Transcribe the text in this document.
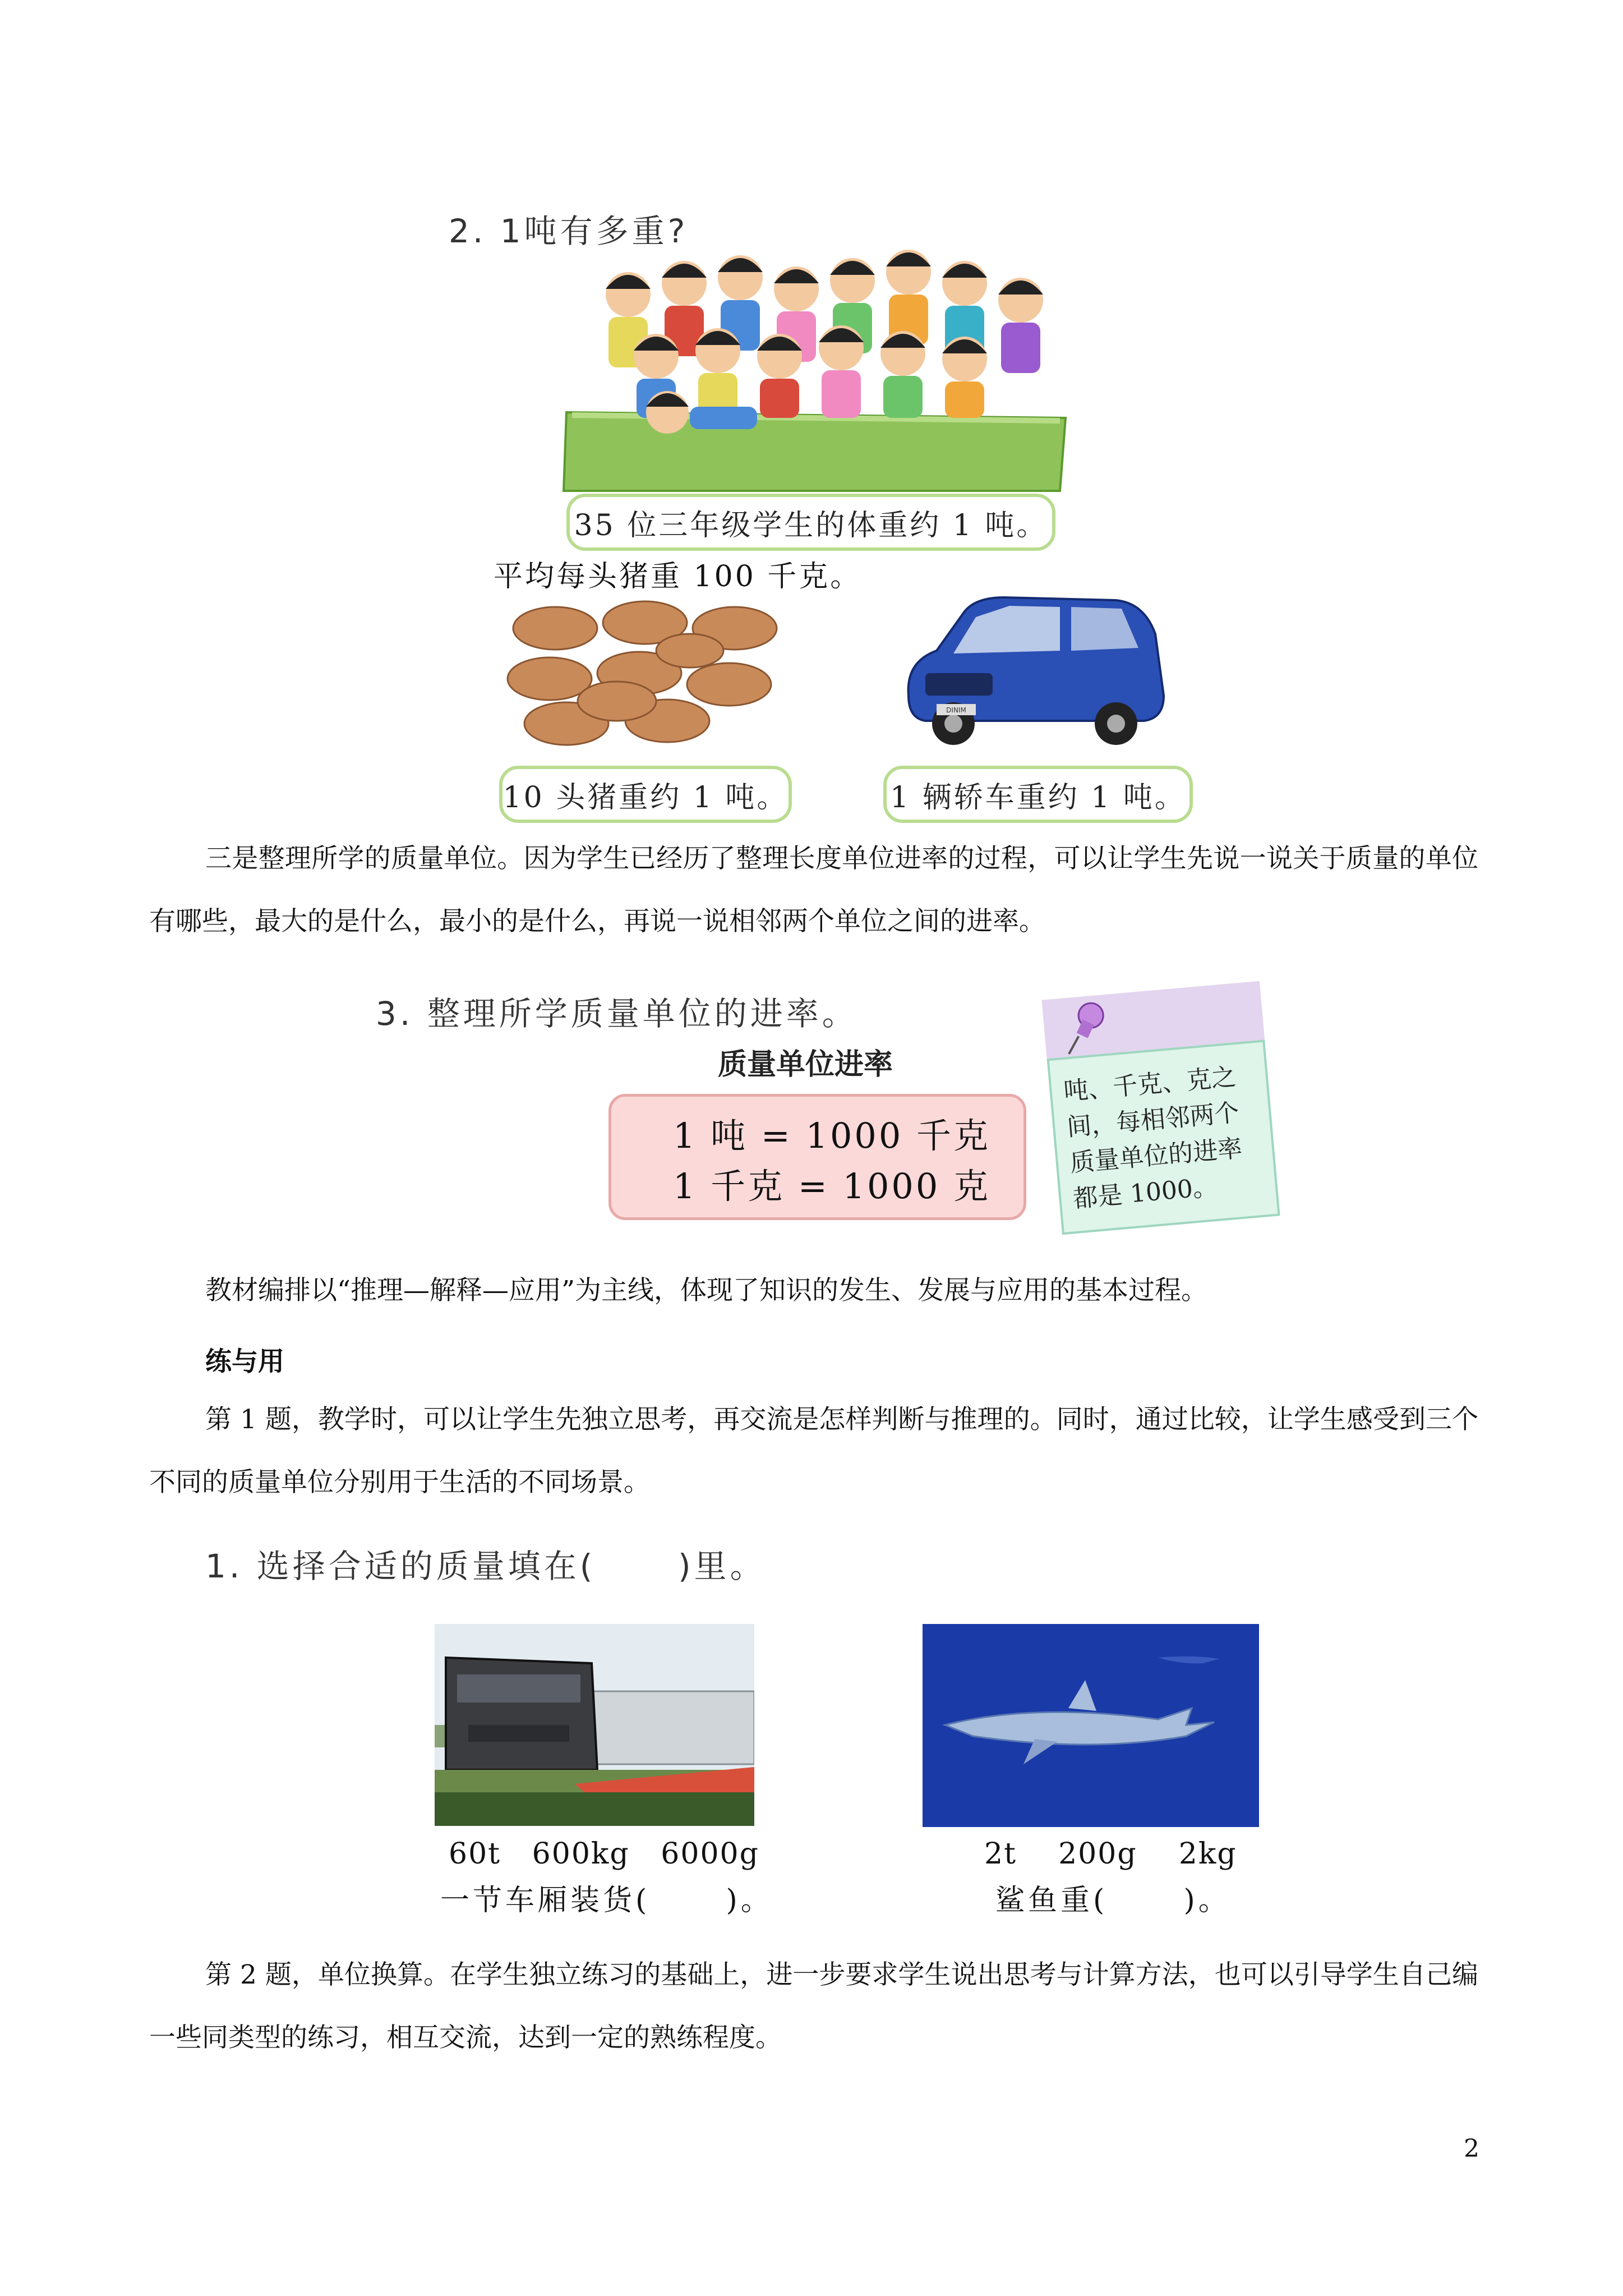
2. 1吨有多重?
35 位三年级学生的体重约 1 吨。
平均每头猪重 100 千克。
DINIM
10 头猪重约 1 吨。	1 辆轿车重约 1 吨。
三是整理所学的质量单位。因为学生已经历了整理长度单位进率的过程，可以让学生先说一说关于质量的单位有哪些，最大的是什么，最小的是什么，再说一说相邻两个单位之间的进率。
3. 整理所学质量单位的进率。
质量单位进率
1 吨 = 1000 千克
1 千克 = 1000 克
吨、千克、克之间，每相邻两个质量单位的进率都是 1000。
教材编排以“推理—解释—应用”为主线，体现了知识的发生、发展与应用的基本过程。
练与用
第 1 题，教学时，可以让学生先独立思考，再交流是怎样判断与推理的。同时，通过比较，让学生感受到三个不同的质量单位分别用于生活的不同场景。
1. 选择合适的质量填在(      )里。
60t   600kg   6000g
一节车厢装货(      )。
2t    200g    2kg
鲨鱼重(      )。
第 2 题，单位换算。在学生独立练习的基础上，进一步要求学生说出思考与计算方法，也可以引导学生自己编一些同类型的练习，相互交流，达到一定的熟练程度。
2
